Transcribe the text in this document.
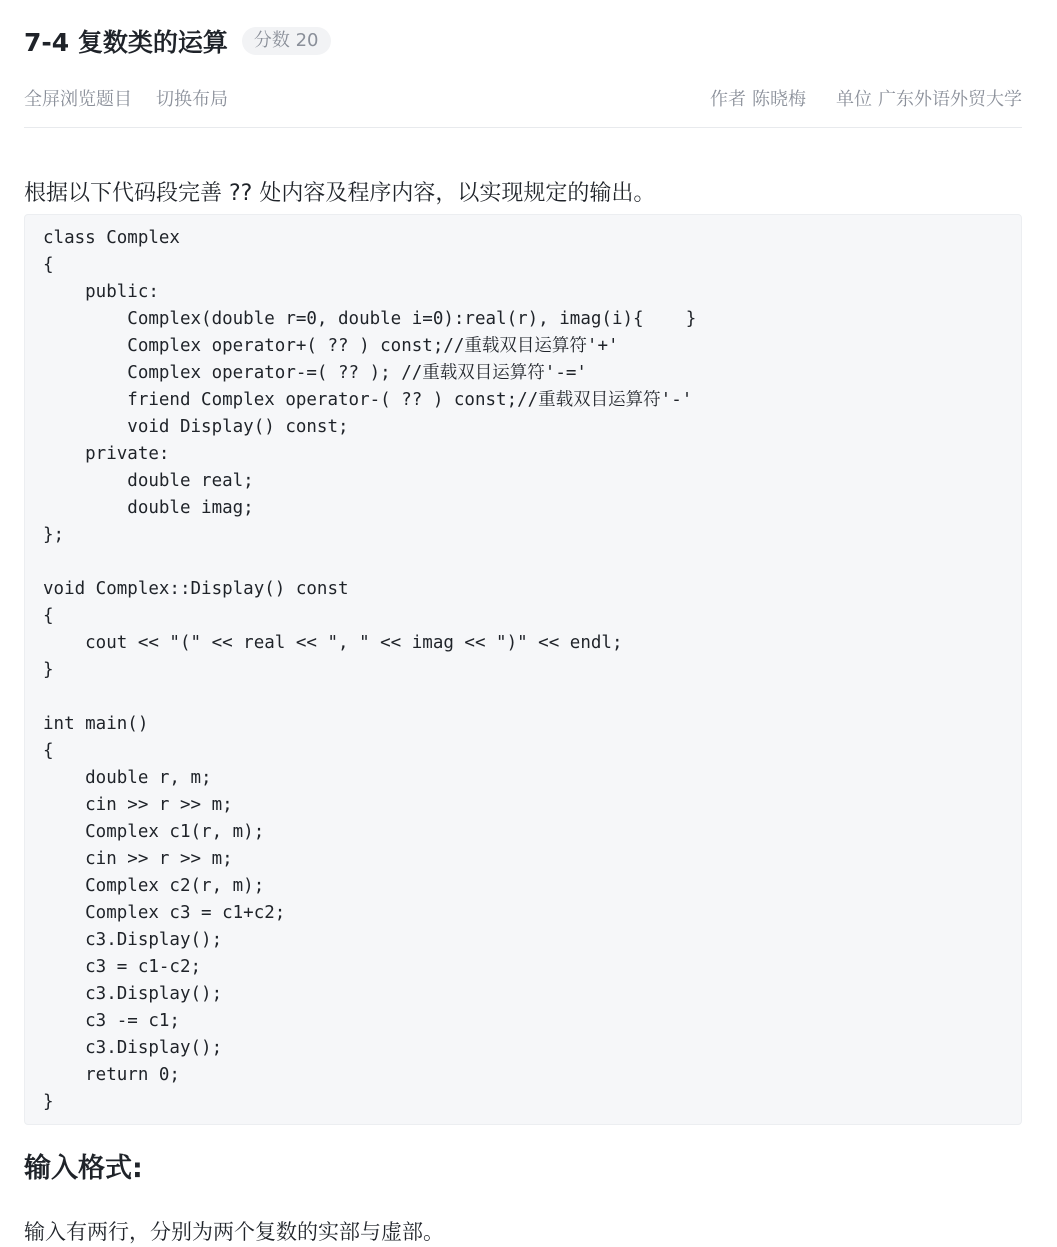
7-4 复数类的运算	分数 20
全屏浏览题目 切换布局	作者 陈晓梅 单位 广东外语外贸大学
根据以下代码段完善 ?? 处内容及程序内容，以实现规定的输出。
class Complex
{
public:
Complex(double r=0, double i=0):real(r), imag(i){    }
Complex operator+( ?? ) const;//重载双目运算符'+'
Complex operator-=( ?? ); //重载双目运算符'-='
friend Complex operator-( ?? ) const;//重载双目运算符'-'
void Display() const;
private:
double real;
double imag;
};

void Complex::Display() const
{
cout << "(" << real << ", " << imag << ")" << endl;
}

int main()
{
double r, m;
cin >> r >> m;
Complex c1(r, m);
cin >> r >> m;
Complex c2(r, m);
Complex c3 = c1+c2;
c3.Display();
c3 = c1-c2;
c3.Display();
c3 -= c1;
c3.Display();
return 0;
}
输入格式:
输入有两行，分别为两个复数的实部与虚部。
